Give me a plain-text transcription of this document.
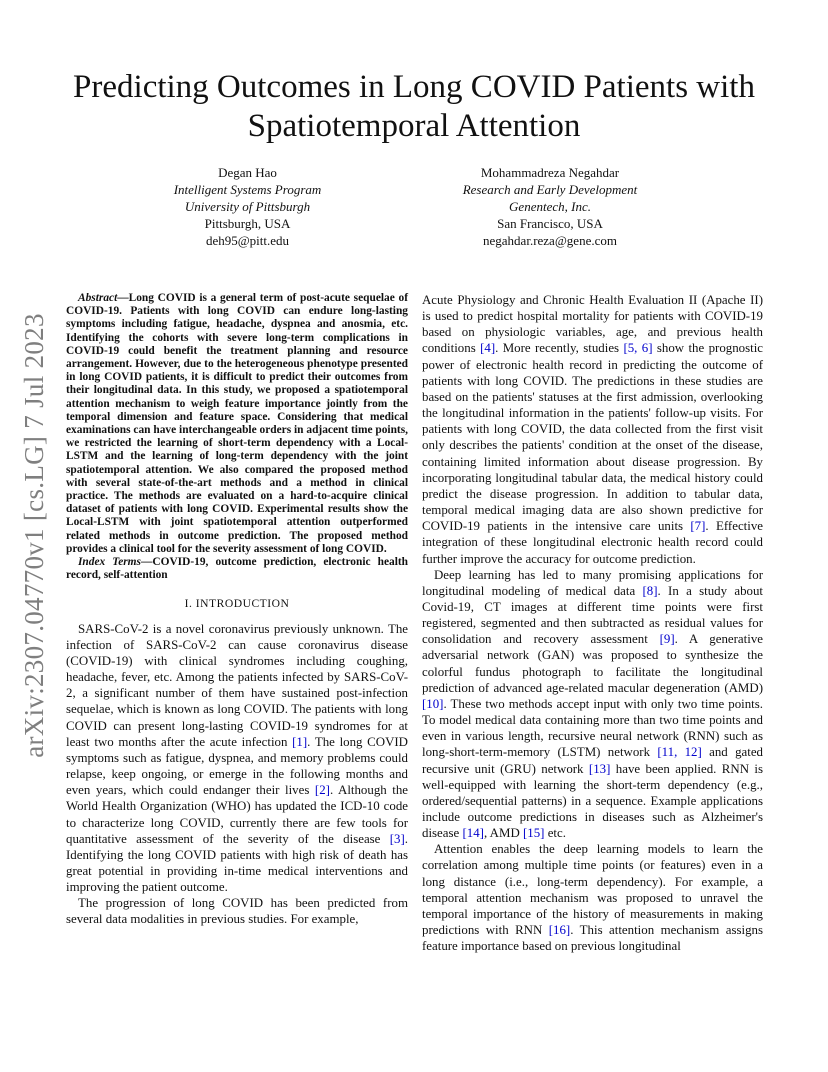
arXiv:2307.04770v1 [cs.LG] 7 Jul 2023
Predicting Outcomes in Long COVID Patients with Spatiotemporal Attention
Degan Hao
Intelligent Systems Program
University of Pittsburgh
Pittsburgh, USA
deh95@pitt.edu
Mohammadreza Negahdar
Research and Early Development
Genentech, Inc.
San Francisco, USA
negahdar.reza@gene.com

Abstract—Long COVID is a general term of post-acute sequelae of COVID-19. Patients with long COVID can endure long-lasting symptoms including fatigue, headache, dyspnea and anosmia, etc. Identifying the cohorts with severe long-term complications in COVID-19 could benefit the treatment planning and resource arrangement. However, due to the heterogeneous phenotype presented in long COVID patients, it is difficult to predict their outcomes from their longitudinal data. In this study, we proposed a spatiotemporal attention mechanism to weigh feature importance jointly from the temporal dimension and feature space. Considering that medical examinations can have interchangeable orders in adjacent time points, we restricted the learning of short-term dependency with a Local-LSTM and the learning of long-term dependency with the joint spatiotemporal attention. We also compared the proposed method with several state-of-the-art methods and a method in clinical practice. The methods are evaluated on a hard-to-acquire clinical dataset of patients with long COVID. Experimental results show the Local-LSTM with joint spatiotemporal attention outperformed related methods in outcome prediction. The proposed method provides a clinical tool for the severity assessment of long COVID.

Index Terms—COVID-19, outcome prediction, electronic health record, self-attention

I. INTRODUCTION

SARS-CoV-2 is a novel coronavirus previously unknown. The infection of SARS-CoV-2 can cause coronavirus disease (COVID-19) with clinical syndromes including coughing, headache, fever, etc. Among the patients infected by SARS-CoV-2, a significant number of them have sustained post-infection sequelae, which is known as long COVID. The patients with long COVID can present long-lasting COVID-19 syndromes for at least two months after the acute infection [1]. The long COVID symptoms such as fatigue, dyspnea, and memory problems could relapse, keep ongoing, or emerge in the following months and even years, which could endanger their lives [2]. Although the World Health Organization (WHO) has updated the ICD-10 code to characterize long COVID, currently there are few tools for quantitative assessment of the severity of the disease [3]. Identifying the long COVID patients with high risk of death has great potential in providing in-time medical interventions and improving the patient outcome.

The progression of long COVID has been predicted from several data modalities in previous studies. For example,

Acute Physiology and Chronic Health Evaluation II (Apache II) is used to predict hospital mortality for patients with COVID-19 based on physiologic variables, age, and previous health conditions [4]. More recently, studies [5, 6] show the prognostic power of electronic health record in predicting the outcome of patients with long COVID. The predictions in these studies are based on the patients' statuses at the first admission, overlooking the longitudinal information in the patients' follow-up visits. For patients with long COVID, the data collected from the first visit only describes the patients' condition at the onset of the disease, containing limited information about disease progression. By incorporating longitudinal tabular data, the medical history could predict the disease progression. In addition to tabular data, temporal medical imaging data are also shown predictive for COVID-19 patients in the intensive care units [7]. Effective integration of these longitudinal electronic health record could further improve the accuracy for outcome prediction.

Deep learning has led to many promising applications for longitudinal modeling of medical data [8]. In a study about Covid-19, CT images at different time points were first registered, segmented and then subtracted as residual values for consolidation and recovery assessment [9]. A generative adversarial network (GAN) was proposed to synthesize the colorful fundus photograph to facilitate the longitudinal prediction of advanced age-related macular degeneration (AMD) [10]. These two methods accept input with only two time points. To model medical data containing more than two time points and even in various length, recursive neural network (RNN) such as long-short-term-memory (LSTM) network [11, 12] and gated recursive unit (GRU) network [13] have been applied. RNN is well-equipped with learning the short-term dependency (e.g., ordered/sequential patterns) in a sequence. Example applications include outcome predictions in diseases such as Alzheimer's disease [14], AMD [15] etc.

Attention enables the deep learning models to learn the correlation among multiple time points (or features) even in a long distance (i.e., long-term dependency). For example, a temporal attention mechanism was proposed to unravel the temporal importance of the history of measurements in making predictions with RNN [16]. This attention mechanism assigns feature importance based on previous longitudinal
